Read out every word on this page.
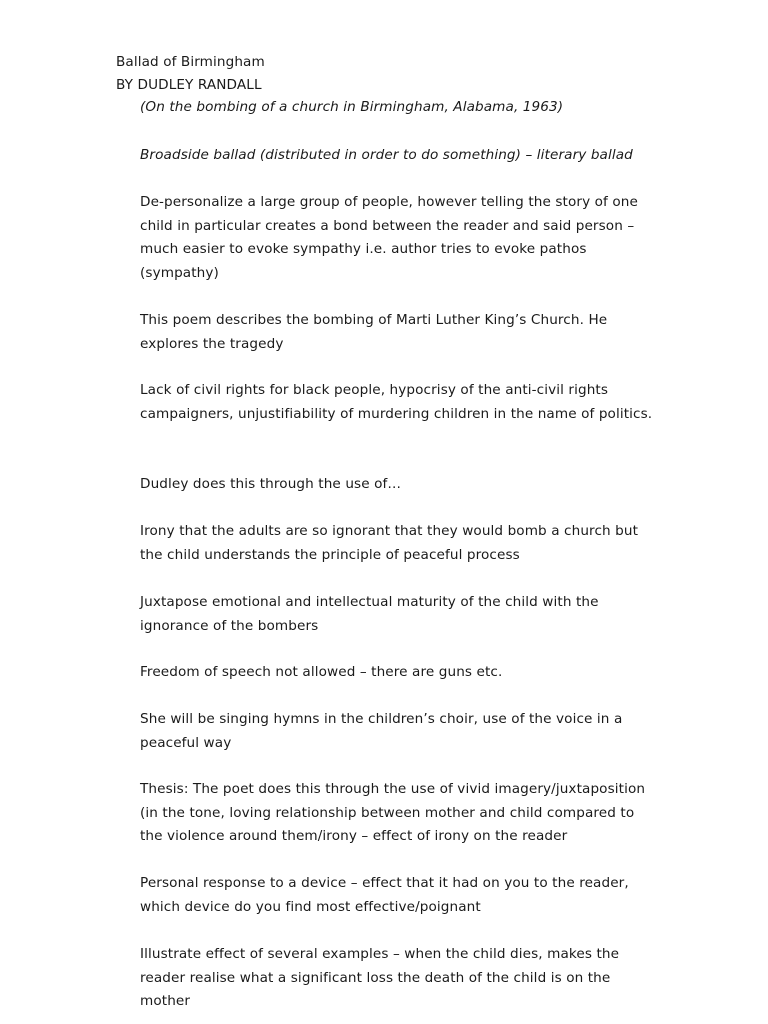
Ballad of Birmingham
BY DUDLEY RANDALL
(On the bombing of a church in Birmingham, Alabama, 1963)
Broadside ballad (distributed in order to do something) – literary ballad
De-personalize a large group of people, however telling the story of one child in particular creates a bond between the reader and said person – much easier to evoke sympathy i.e. author tries to evoke pathos (sympathy)
This poem describes the bombing of Marti Luther King’s Church. He explores the tragedy
Lack of civil rights for black people, hypocrisy of the anti-civil rights campaigners, unjustifiability of murdering children in the name of politics.
Dudley does this through the use of…
Irony that the adults are so ignorant that they would bomb a church but the child understands the principle of peaceful process
Juxtapose emotional and intellectual maturity of the child with the ignorance of the bombers
Freedom of speech not allowed – there are guns etc.
She will be singing hymns in the children’s choir, use of the voice in a peaceful way
Thesis: The poet does this through the use of vivid imagery/juxtaposition (in the tone, loving relationship between mother and child compared to the violence around them/irony – effect of irony on the reader
Personal response to a device – effect that it had on you to the reader, which device do you find most effective/poignant
Illustrate effect of several examples – when the child dies, makes the reader realise what a significant loss the death of the child is on the mother
